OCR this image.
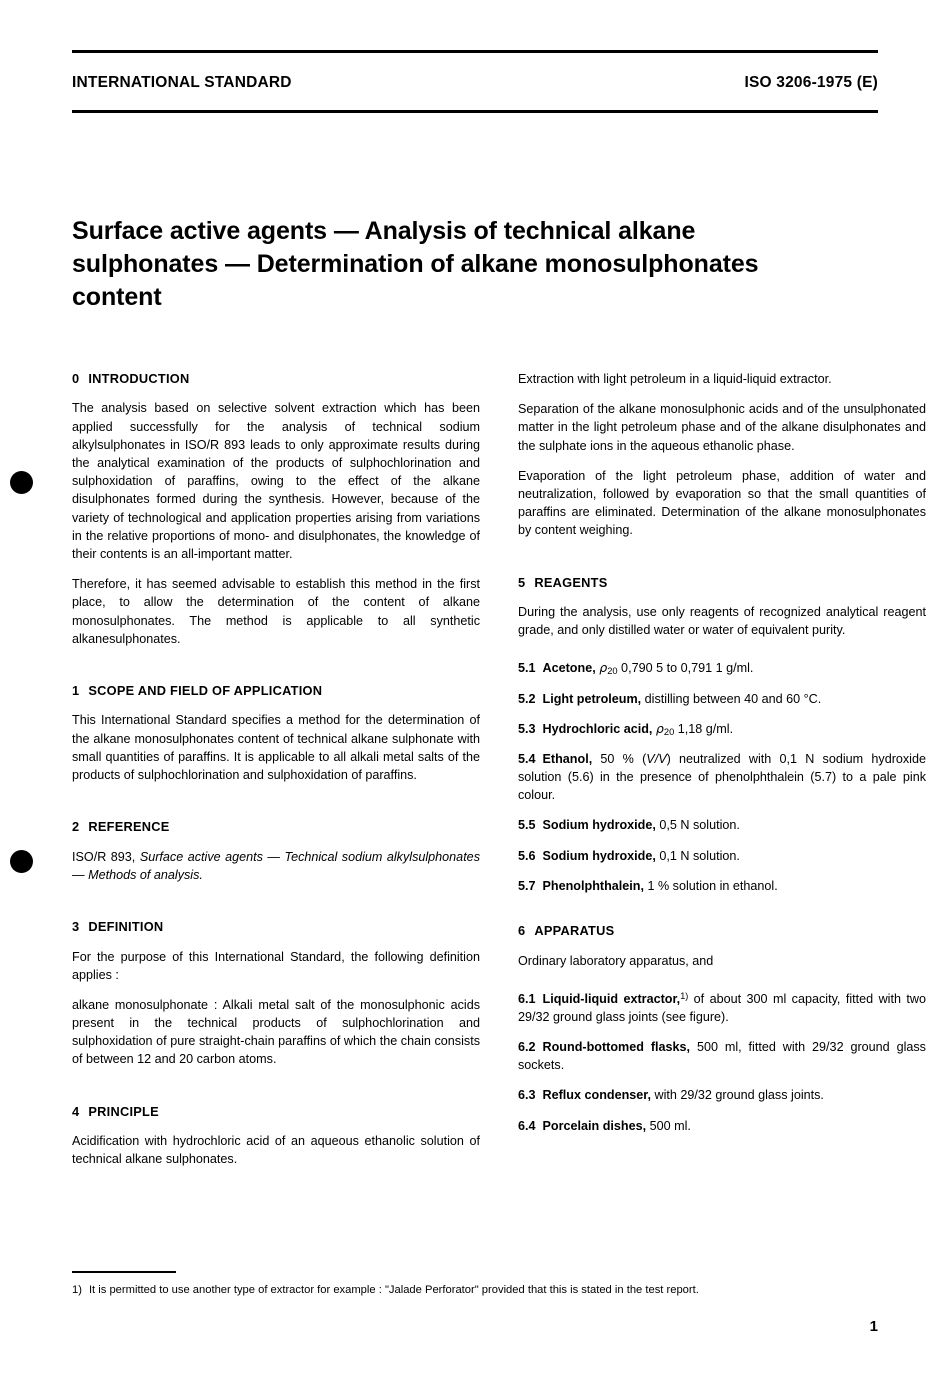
INTERNATIONAL STANDARD	ISO 3206-1975 (E)
Surface active agents — Analysis of technical alkane sulphonates — Determination of alkane monosulphonates content
0 INTRODUCTION

The analysis based on selective solvent extraction which has been applied successfully for the analysis of technical sodium alkylsulphonates in ISO/R 893 leads to only approximate results during the analytical examination of the products of sulphochlorination and sulphoxidation of paraffins, owing to the effect of the alkane disulphonates formed during the synthesis. However, because of the variety of technological and application properties arising from variations in the relative proportions of mono- and disulphonates, the knowledge of their contents is an all-important matter.

Therefore, it has seemed advisable to establish this method in the first place, to allow the determination of the content of alkane monosulphonates. The method is applicable to all synthetic alkanesulphonates.

1 SCOPE AND FIELD OF APPLICATION

This International Standard specifies a method for the determination of the alkane monosulphonates content of technical alkane sulphonate with small quantities of paraffins. It is applicable to all alkali metal salts of the products of sulphochlorination and sulphoxidation of paraffins.

2 REFERENCE

ISO/R 893, Surface active agents — Technical sodium alkylsulphonates — Methods of analysis.

3 DEFINITION

For the purpose of this International Standard, the following definition applies :

alkane monosulphonate : Alkali metal salt of the monosulphonic acids present in the technical products of sulphochlorination and sulphoxidation of pure straight-chain paraffins of which the chain consists of between 12 and 20 carbon atoms.

4 PRINCIPLE

Acidification with hydrochloric acid of an aqueous ethanolic solution of technical alkane sulphonates.

Extraction with light petroleum in a liquid-liquid extractor.

Separation of the alkane monosulphonic acids and of the unsulphonated matter in the light petroleum phase and of the alkane disulphonates and the sulphate ions in the aqueous ethanolic phase.

Evaporation of the light petroleum phase, addition of water and neutralization, followed by evaporation so that the small quantities of paraffins are eliminated. Determination of the alkane monosulphonates by content weighing.

5 REAGENTS

During the analysis, use only reagents of recognized analytical reagent grade, and only distilled water or water of equivalent purity.

5.1 Acetone, $\rho_{20}$ 0,790 5 to 0,791 1 g/ml.

5.2 Light petroleum, distilling between 40 and 60 °C.

5.3 Hydrochloric acid, $\rho_{20}$ 1,18 g/ml.

5.4 Ethanol, 50 % (V/V) neutralized with 0,1 N sodium hydroxide solution (5.6) in the presence of phenolphthalein (5.7) to a pale pink colour.

5.5 Sodium hydroxide, 0,5 N solution.

5.6 Sodium hydroxide, 0,1 N solution.

5.7 Phenolphthalein, 1 % solution in ethanol.

6 APPARATUS

Ordinary laboratory apparatus, and

6.1 Liquid-liquid extractor,$^{1)}$ of about 300 ml capacity, fitted with two 29/32 ground glass joints (see figure).

6.2 Round-bottomed flasks, 500 ml, fitted with 29/32 ground glass sockets.

6.3 Reflux condenser, with 29/32 ground glass joints.

6.4 Porcelain dishes, 500 ml.

1) It is permitted to use another type of extractor for example : "Jalade Perforator" provided that this is stated in the test report.
1
